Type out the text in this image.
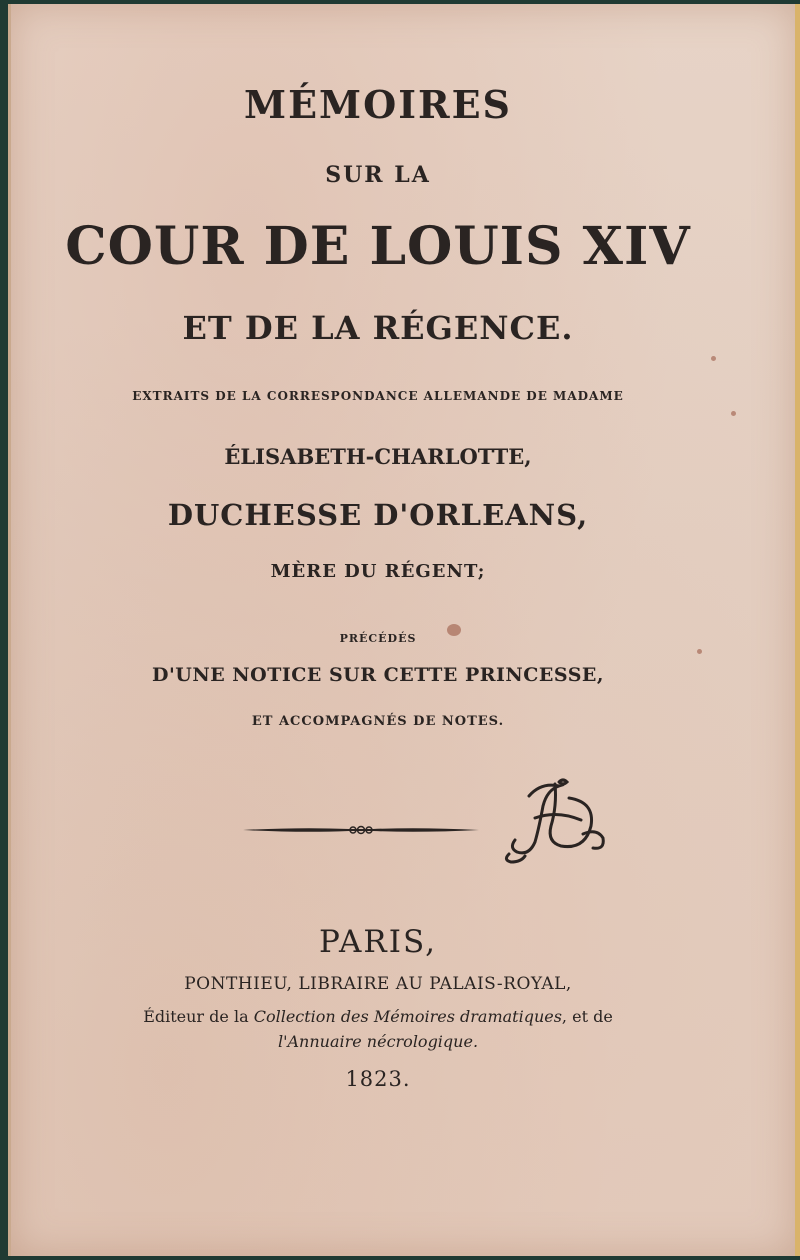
MÉMOIRES
SUR LA
COUR DE LOUIS XIV
ET DE LA RÉGENCE.
EXTRAITS DE LA CORRESPONDANCE ALLEMANDE DE MADAME
ÉLISABETH-CHARLOTTE,
DUCHESSE D'ORLEANS,
MÈRE DU RÉGENT;
PRÉCÉDÉS
D'UNE NOTICE SUR CETTE PRINCESSE,
ET ACCOMPAGNÉS DE NOTES.
PARIS,
PONTHIEU, LIBRAIRE AU PALAIS-ROYAL,
Éditeur de la Collection des Mémoires dramatiques, et de
l'Annuaire nécrologique.
1823.
